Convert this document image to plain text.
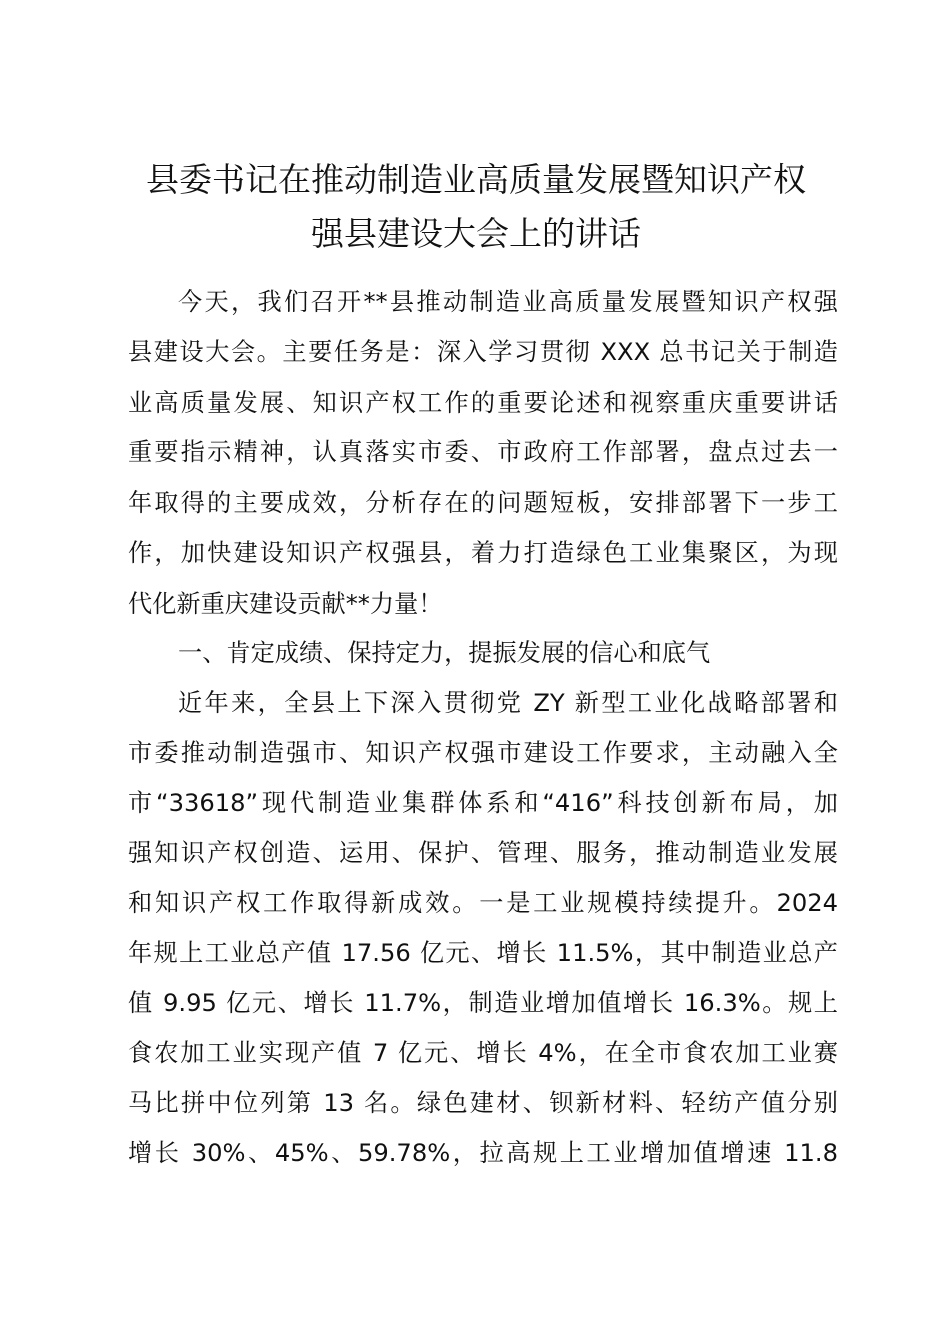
县委书记在推动制造业高质量发展暨知识产权
强县建设大会上的讲话
今天，我们召开**县推动制造业高质量发展暨知识产权强
县建设大会。主要任务是：深入学习贯彻 XXX 总书记关于制造
业高质量发展、知识产权工作的重要论述和视察重庆重要讲话
重要指示精神，认真落实市委、市政府工作部署，盘点过去一
年取得的主要成效，分析存在的问题短板，安排部署下一步工
作，加快建设知识产权强县，着力打造绿色工业集聚区，为现
代化新重庆建设贡献**力量！
一、肯定成绩、保持定力，提振发展的信心和底气
近年来，全县上下深入贯彻党 ZY 新型工业化战略部署和
市委推动制造强市、知识产权强市建设工作要求，主动融入全
市“33618”现代制造业集群体系和“416”科技创新布局，加
强知识产权创造、运用、保护、管理、服务，推动制造业发展
和知识产权工作取得新成效。一是工业规模持续提升。2024
年规上工业总产值 17.56 亿元、增长 11.5%，其中制造业总产
值 9.95 亿元、增长 11.7%，制造业增加值增长 16.3%。规上
食农加工业实现产值 7 亿元、增长 4%，在全市食农加工业赛
马比拼中位列第 13 名。绿色建材、钡新材料、轻纺产值分别
增长 30%、45%、59.78%，拉高规上工业增加值增速 11.8
